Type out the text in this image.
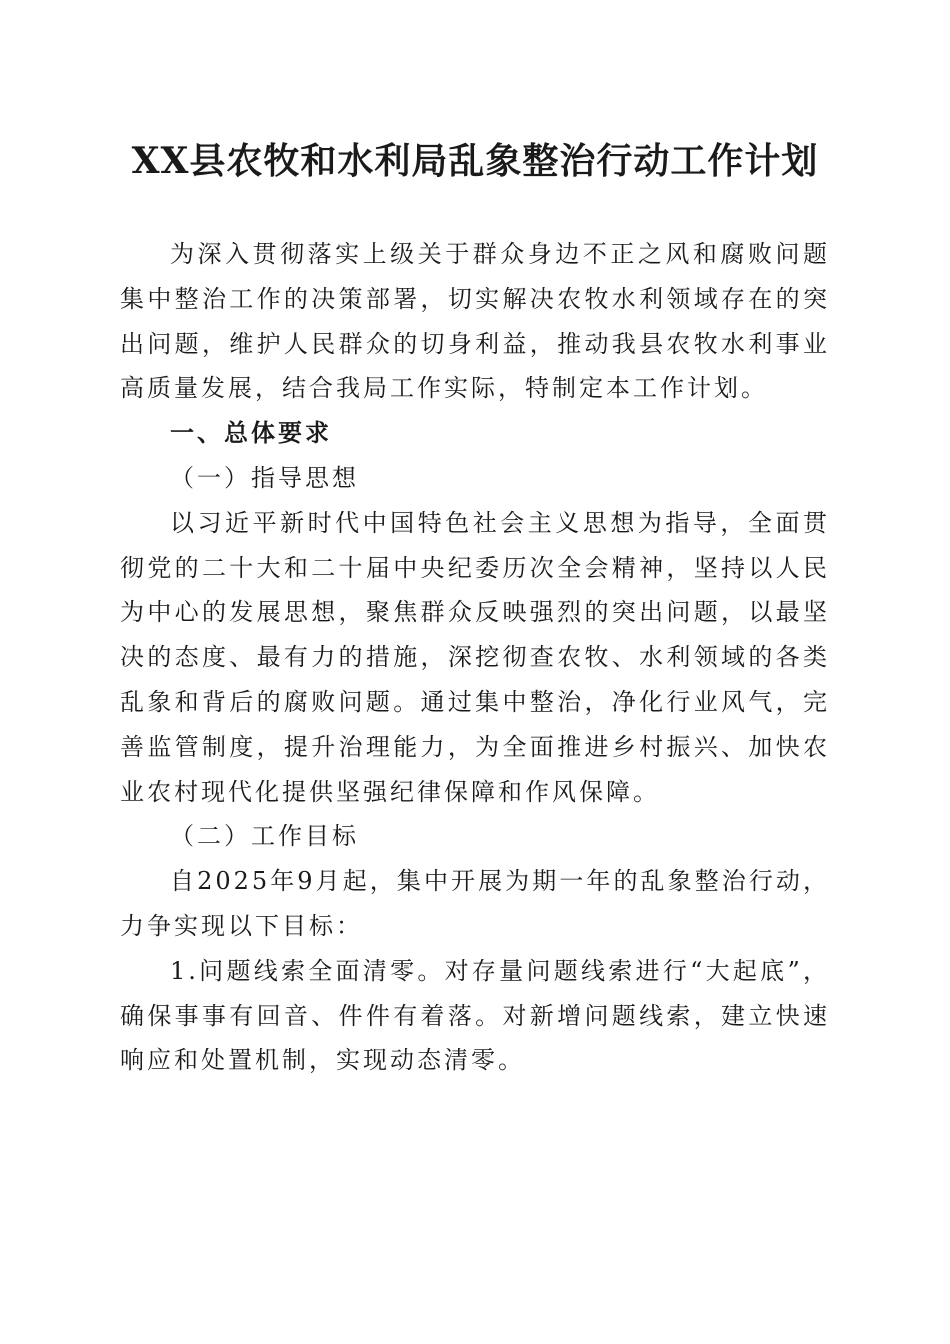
XX县农牧和水利局乱象整治行动工作计划

为深入贯彻落实上级关于群众身边不正之风和腐败问题集中整治工作的决策部署，切实解决农牧水利领域存在的突出问题，维护人民群众的切身利益，推动我县农牧水利事业高质量发展，结合我局工作实际，特制定本工作计划。

一、总体要求

（一）指导思想

以习近平新时代中国特色社会主义思想为指导，全面贯彻党的二十大和二十届中央纪委历次全会精神，坚持以人民为中心的发展思想，聚焦群众反映强烈的突出问题，以最坚决的态度、最有力的措施，深挖彻查农牧、水利领域的各类乱象和背后的腐败问题。通过集中整治，净化行业风气，完善监管制度，提升治理能力，为全面推进乡村振兴、加快农业农村现代化提供坚强纪律保障和作风保障。

（二）工作目标

自2025年9月起，集中开展为期一年的乱象整治行动，力争实现以下目标：

1.问题线索全面清零。对存量问题线索进行“大起底”，确保事事有回音、件件有着落。对新增问题线索，建立快速响应和处置机制，实现动态清零。
